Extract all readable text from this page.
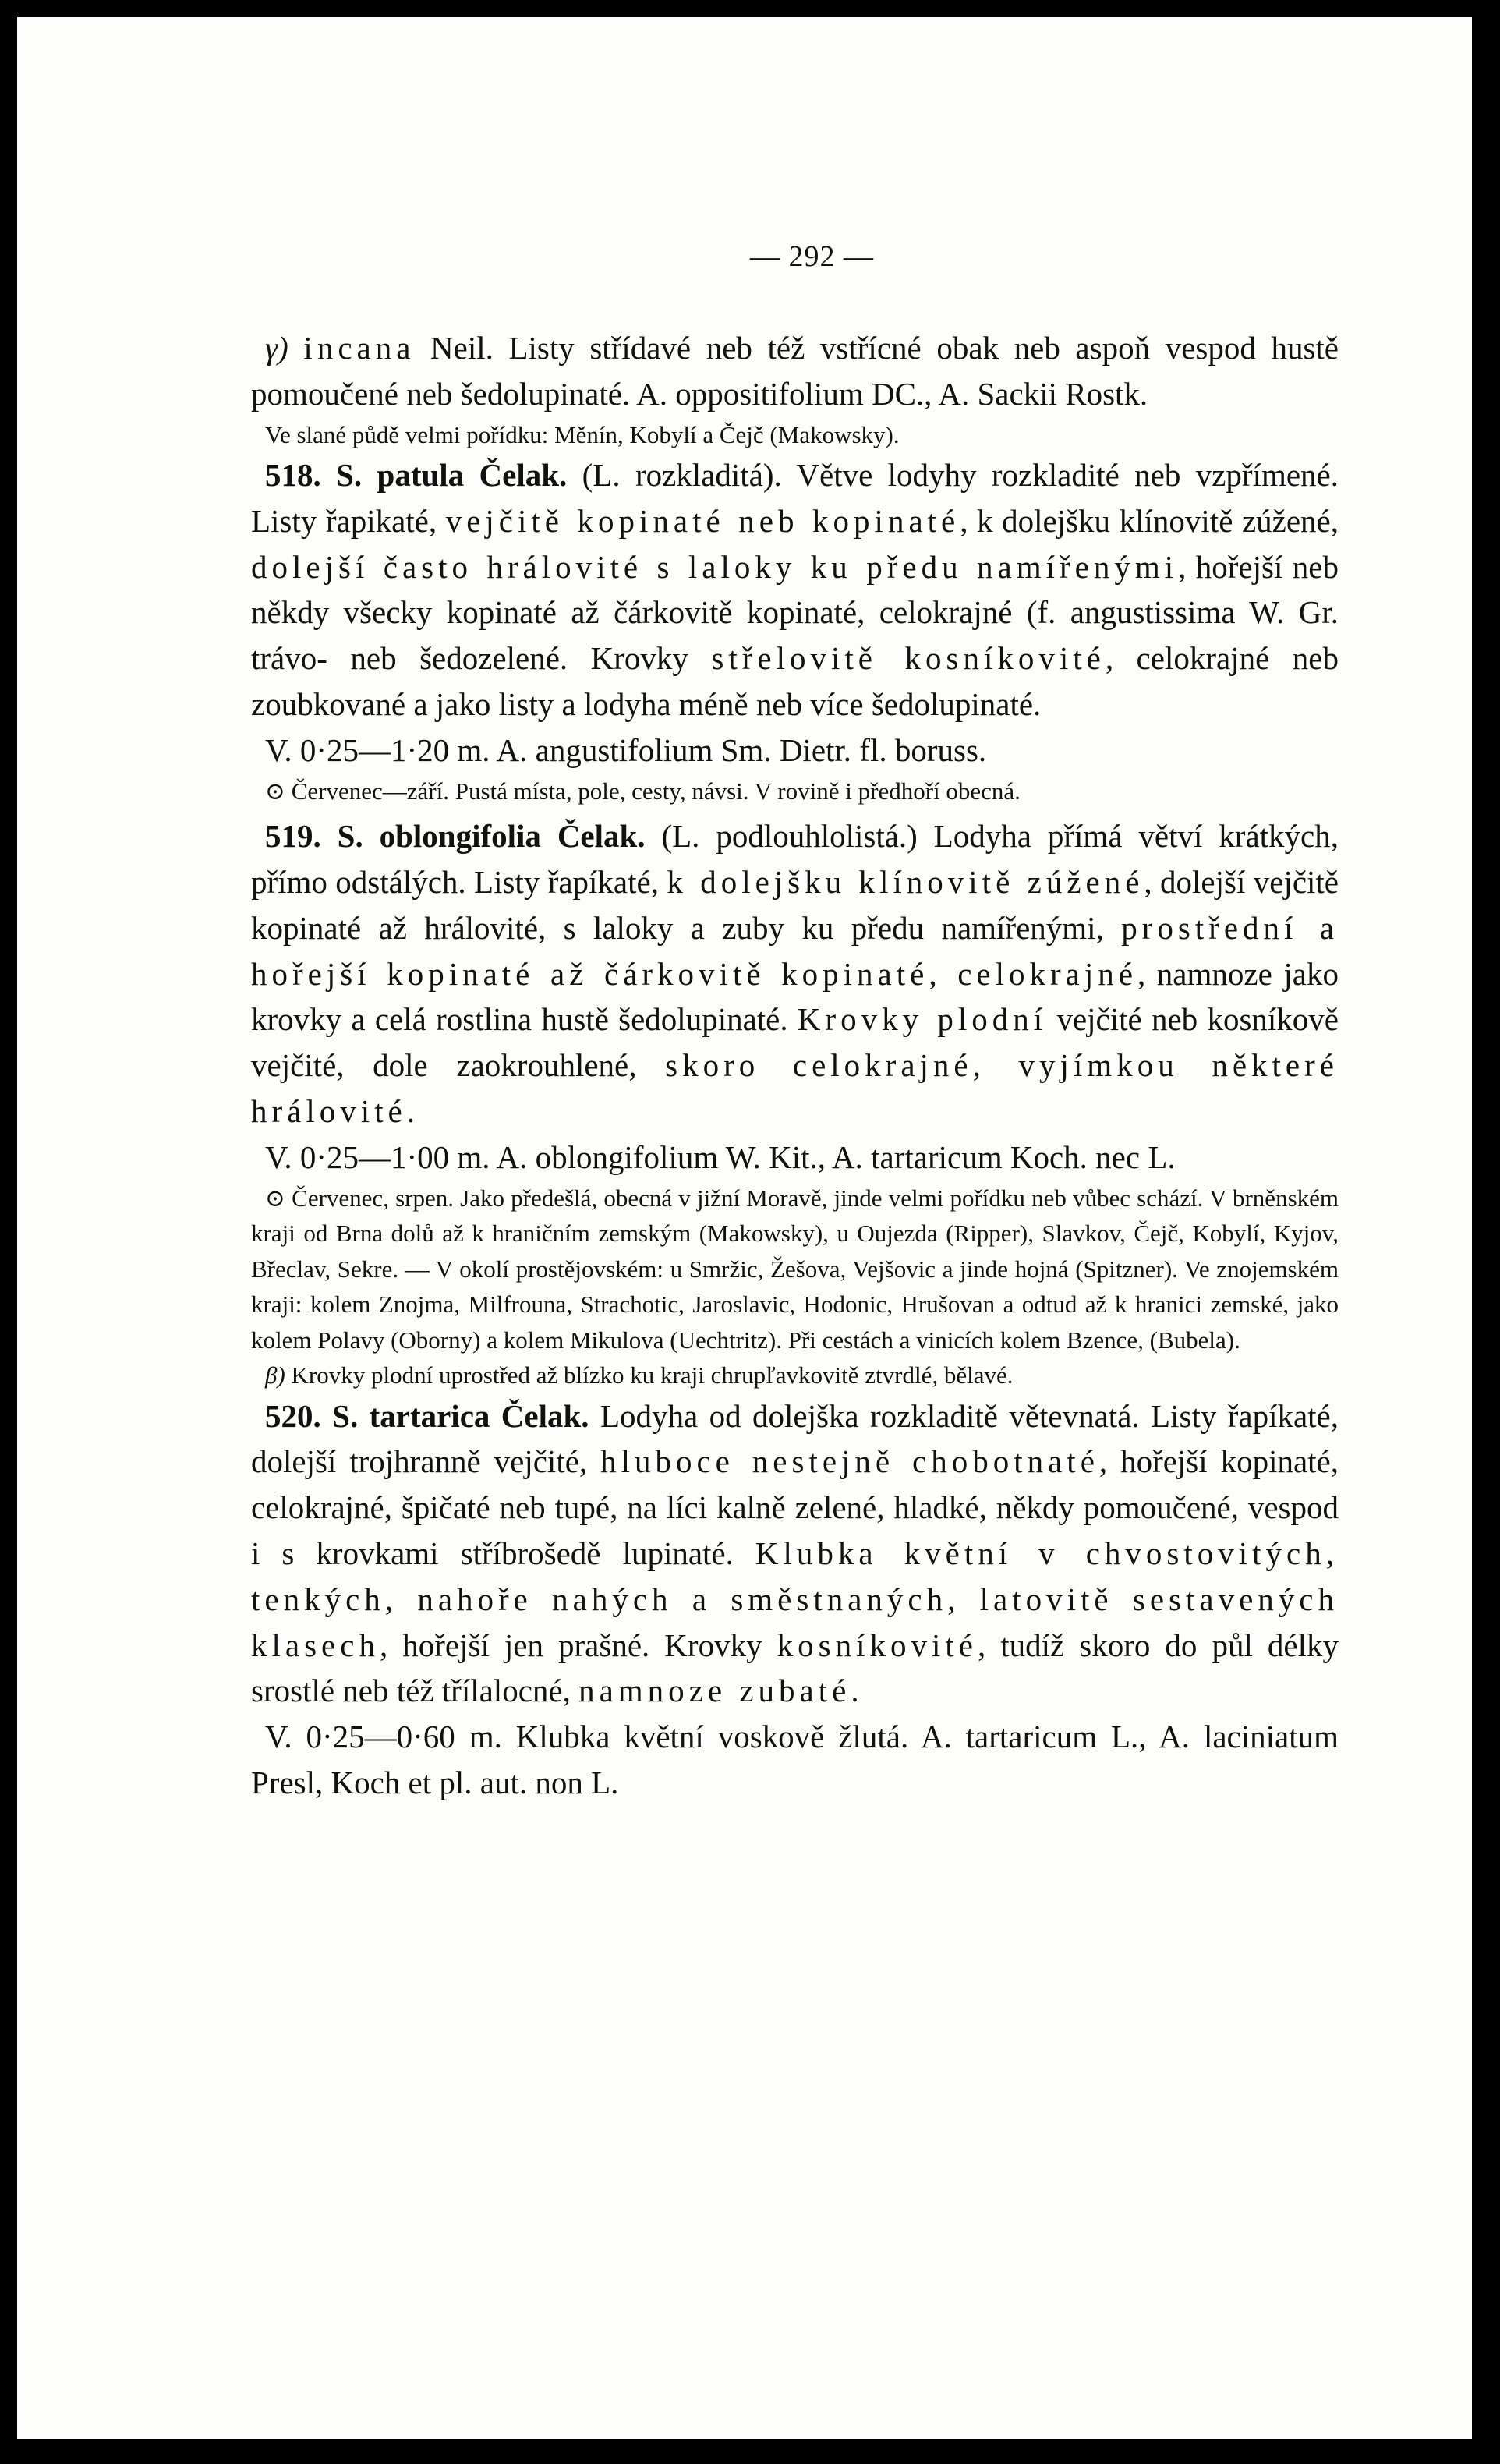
— 292 —

γ) incana Neil. Listy střídavé neb též vstřícné obak neb aspoň vespod hustě pomoučené neb šedolupinaté. A. oppositifolium DC., A. Sackii Rostk.

Ve slané půdě velmi pořídku: Měnín, Kobylí a Čejč (Makowsky).

518. S. patula Čelak. (L. rozkladitá). Větve lodyhy rozkladité neb vzpřímené. Listy řapikaté, vejčitě kopinaté neb kopinaté, k dolejšku klínovitě zúžené, dolejší často hrálovité s laloky ku předu namířenými, hořejší neb někdy všecky kopinaté až čárkovitě kopinaté, celokrajné (f. angustissima W. Gr. trávo- neb šedozelené. Krovky střelovitě kosníkovité, celokrajné neb zoubkované a jako listy a lodyha méně neb více šedolupinaté.

V. 0·25—1·20 m. A. angustifolium Sm. Dietr. fl. boruss.

⊙ Červenec—září. Pustá místa, pole, cesty, návsi. V rovině i předhoří obecná.

519. S. oblongifolia Čelak. (L. podlouhlolistá.) Lodyha přímá větví krátkých, přímo odstálých. Listy řapíkaté, k dolejšku klínovitě zúžené, dolejší vejčitě kopinaté až hrálovité, s laloky a zuby ku předu namířenými, prostřední a hořejší kopinaté až čárkovitě kopinaté, celokrajné, namnoze jako krovky a celá rostlina hustě šedolupinaté. Krovky plodní vejčité neb kosníkově vejčité, dole zaokrouhlené, skoro celokrajné, vyjímkou některé hrálovité.

V. 0·25—1·00 m. A. oblongifolium W. Kit., A. tartaricum Koch. nec L.

⊙ Červenec, srpen. Jako předešlá, obecná v jižní Moravě, jinde velmi pořídku neb vůbec schází. V brněnském kraji od Brna dolů až k hraničním zemským (Makowsky), u Oujezda (Ripper), Slavkov, Čejč, Kobylí, Kyjov, Břeclav, Sekre. — V okolí prostějovském: u Smržic, Žešova, Vejšovic a jinde hojná (Spitzner). Ve znojemském kraji: kolem Znojma, Milfrouna, Strachotic, Jaroslavic, Hodonic, Hrušovan a odtud až k hranici zemské, jako kolem Polavy (Oborny) a kolem Mikulova (Uechtritz). Při cestách a vinicích kolem Bzence, (Bubela).

β) Krovky plodní uprostřed až blízko ku kraji chrupľavkovitě ztvrdlé, bělavé.

520. S. tartarica Čelak. Lodyha od dolejška rozkladitě větevnatá. Listy řapíkaté, dolejší trojhranně vejčité, hluboce nestejně chobotnaté, hořejší kopinaté, celokrajné, špičaté neb tupé, na líci kalně zelené, hladké, někdy pomoučené, vespod i s krovkami stříbrošedě lupinaté. Klubka květní v chvostovitých, tenkých, nahoře nahých a směstnaných, latovitě sestavených klasech, hořejší jen prašné. Krovky kosníkovité, tudíž skoro do půl délky srostlé neb též třílalocné, namnoze zubaté.

V. 0·25—0·60 m. Klubka květní voskově žlutá. A. tartaricum L., A. laciniatum Presl, Koch et pl. aut. non L.
